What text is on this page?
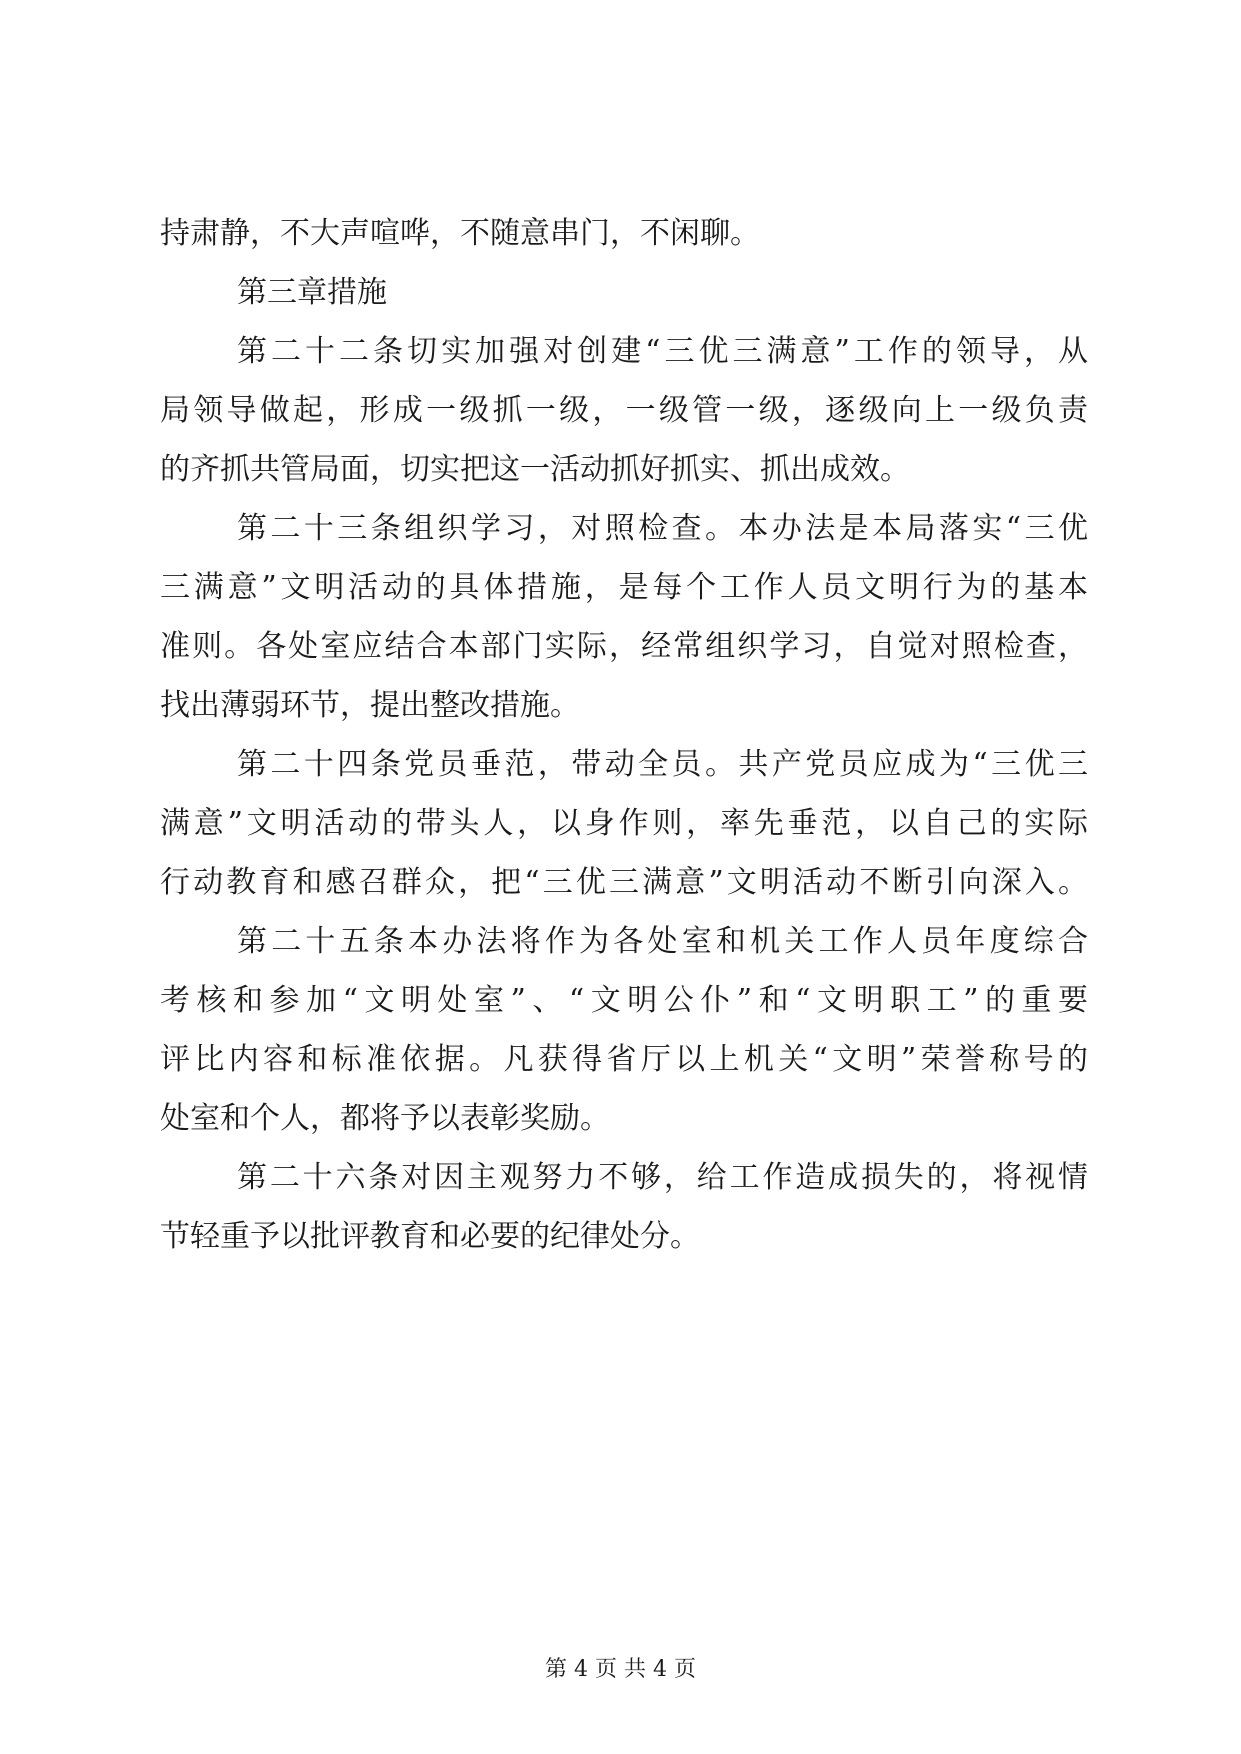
持肃静，不大声喧哗，不随意串门，不闲聊。
第三章措施
第二十二条切实加强对创建“三优三满意”工作的领导，从
局领导做起，形成一级抓一级，一级管一级，逐级向上一级负责
的齐抓共管局面，切实把这一活动抓好抓实、抓出成效。
第二十三条组织学习，对照检查。本办法是本局落实“三优
三满意”文明活动的具体措施，是每个工作人员文明行为的基本
准则。各处室应结合本部门实际，经常组织学习，自觉对照检查，
找出薄弱环节，提出整改措施。
第二十四条党员垂范，带动全员。共产党员应成为“三优三
满意”文明活动的带头人，以身作则，率先垂范，以自己的实际
行动教育和感召群众，把“三优三满意”文明活动不断引向深入。
第二十五条本办法将作为各处室和机关工作人员年度综合
考核和参加“文明处室”、“文明公仆”和“文明职工”的重要
评比内容和标准依据。凡获得省厅以上机关“文明”荣誉称号的
处室和个人，都将予以表彰奖励。
第二十六条对因主观努力不够，给工作造成损失的，将视情
节轻重予以批评教育和必要的纪律处分。
第 4 页 共 4 页
